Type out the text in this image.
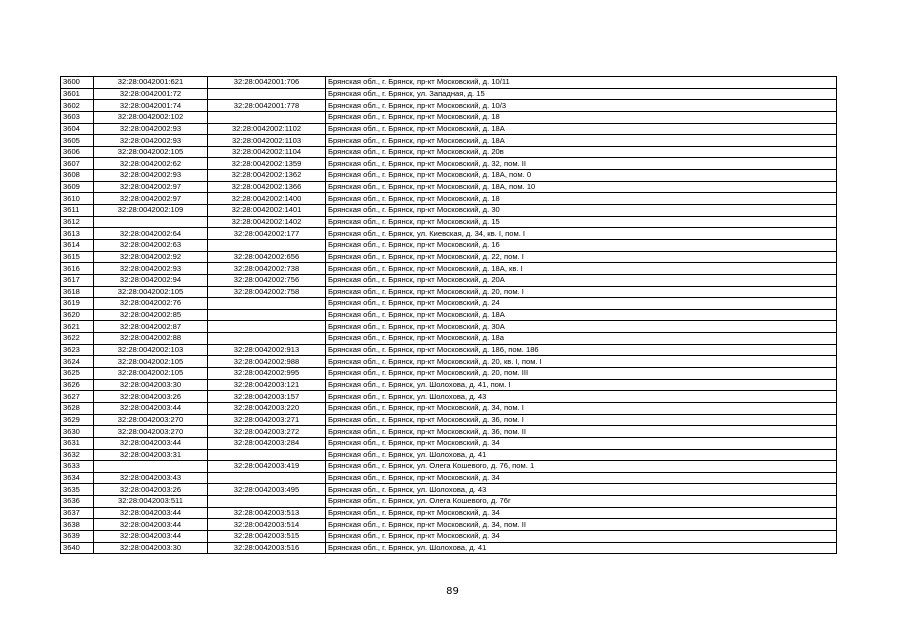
3600	32:28:0042001:621	32:28:0042001:706	Брянская обл., г. Брянск, пр-кт Московский, д. 10/11
3601	32:28:0042001:72		Брянская обл., г. Брянск, ул. Западная, д. 15
3602	32:28:0042001:74	32:28:0042001:778	Брянская обл., г. Брянск, пр-кт Московский, д. 10/3
3603	32:28:0042002:102		Брянская обл., г. Брянск, пр-кт Московский, д. 18
3604	32:28:0042002:93	32:28:0042002:1102	Брянская обл., г. Брянск, пр-кт Московский, д. 18А
3605	32:28:0042002:93	32:28:0042002:1103	Брянская обл., г. Брянск, пр-кт Московский, д. 18А
3606	32:28:0042002:105	32:28:0042002:1104	Брянская обл., г. Брянск, пр-кт Московский, д. 20в
3607	32:28:0042002:62	32:28:0042002:1359	Брянская обл., г. Брянск, пр-кт Московский, д. 32, пом. II
3608	32:28:0042002:93	32:28:0042002:1362	Брянская обл., г. Брянск, пр-кт Московский, д. 18А, пом. 0
3609	32:28:0042002:97	32:28:0042002:1366	Брянская обл., г. Брянск, пр-кт Московский, д. 18А, пом. 10
3610	32:28:0042002:97	32:28:0042002:1400	Брянская обл., г. Брянск, пр-кт Московский, д. 18
3611	32:28:0042002:109	32:28:0042002:1401	Брянская обл., г. Брянск, пр-кт Московский, д. 30
3612		32:28:0042002:1402	Брянская обл., г. Брянск, пр-кт Московский, д. 15
3613	32:28:0042002:64	32:28:0042002:177	Брянская обл., г. Брянск, ул. Киевская, д. 34, кв. I, пом. I
3614	32:28:0042002:63		Брянская обл., г. Брянск, пр-кт Московский, д. 16
3615	32:28:0042002:92	32:28:0042002:656	Брянская обл., г. Брянск, пр-кт Московский, д. 22, пом. I
3616	32:28:0042002:93	32:28:0042002:738	Брянская обл., г. Брянск, пр-кт Московский, д. 18А, кв. I
3617	32:28:0042002:94	32:28:0042002:756	Брянская обл., г. Брянск, пр-кт Московский, д. 20А
3618	32:28:0042002:105	32:28:0042002:758	Брянская обл., г. Брянск, пр-кт Московский, д. 20, пом. I
3619	32:28:0042002:76		Брянская обл., г. Брянск, пр-кт Московский, д. 24
3620	32:28:0042002:85		Брянская обл., г. Брянск, пр-кт Московский, д. 18А
3621	32:28:0042002:87		Брянская обл., г. Брянск, пр-кт Московский, д. 30А
3622	32:28:0042002:88		Брянская обл., г. Брянск, пр-кт Московский, д. 18а
3623	32:28:0042002:103	32:28:0042002:913	Брянская обл., г. Брянск, пр-кт Московский, д. 186, пом. 186
3624	32:28:0042002:105	32:28:0042002:988	Брянская обл., г. Брянск, пр-кт Московский, д. 20, кв. I, пом. I
3625	32:28:0042002:105	32:28:0042002:995	Брянская обл., г. Брянск, пр-кт Московский, д. 20, пом. III
3626	32:28:0042003:30	32:28:0042003:121	Брянская обл., г. Брянск, ул. Шолохова, д. 41, пом. I
3627	32:28:0042003:26	32:28:0042003:157	Брянская обл., г. Брянск, ул. Шолохова, д. 43
3628	32:28:0042003:44	32:28:0042003:220	Брянская обл., г. Брянск, пр-кт Московский, д. 34, пом. I
3629	32:28:0042003:270	32:28:0042003:271	Брянская обл., г. Брянск, пр-кт Московский, д. 36, пом. I
3630	32:28:0042003:270	32:28:0042003:272	Брянская обл., г. Брянск, пр-кт Московский, д. 36, пом. II
3631	32:28:0042003:44	32:28:0042003:284	Брянская обл., г. Брянск, пр-кт Московский, д. 34
3632	32:28:0042003:31		Брянская обл., г. Брянск, ул. Шолохова, д. 41
3633		32:28:0042003:419	Брянская обл., г. Брянск, ул. Олега Кошевого, д. 76, пом. 1
3634	32:28:0042003:43		Брянская обл., г. Брянск, пр-кт Московский, д. 34
3635	32:28:0042003:26	32:28:0042003:495	Брянская обл., г. Брянск, ул. Шолохова, д. 43
3636	32:28:0042003:511		Брянская обл., г. Брянск, ул. Олега Кошевого, д. 76г
3637	32:28:0042003:44	32:28:0042003:513	Брянская обл., г. Брянск, пр-кт Московский, д. 34
3638	32:28:0042003:44	32:28:0042003:514	Брянская обл., г. Брянск, пр-кт Московский, д. 34, пом. II
3639	32:28:0042003:44	32:28:0042003:515	Брянская обл., г. Брянск, пр-кт Московский, д. 34
3640	32:28:0042003:30	32:28:0042003:516	Брянская обл., г. Брянск, ул. Шолохова, д. 41
89
